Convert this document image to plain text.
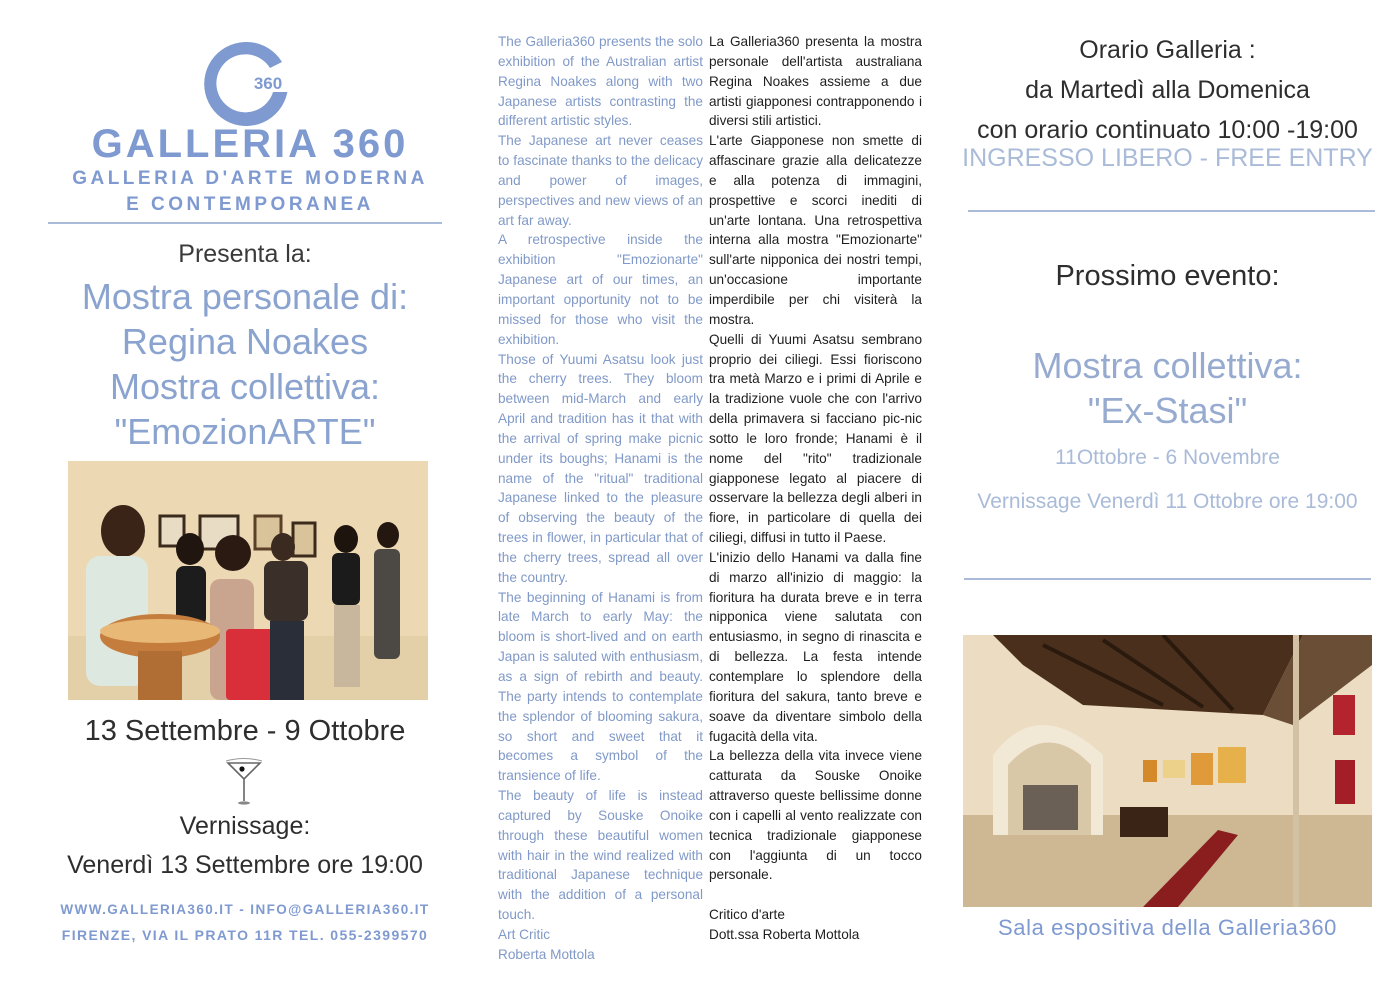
360
GALLERIA 360
GALLERIA D'ARTE MODERNA
E CONTEMPORANEA
Presenta la:
Mostra personale di:
Regina Noakes
Mostra collettiva:
"EmozionARTE"
13 Settembre - 9 Ottobre
Vernissage:
Venerdì 13 Settembre ore 19:00
WWW.GALLERIA360.IT - INFO@GALLERIA360.IT
FIRENZE, VIA IL PRATO 11R TEL. 055-2399570

The Galleria360 presents the solo exhibition of the Australian artist Regina Noakes along with two Japanese artists contrasting the different artistic styles.

The Japanese art never ceases to fascinate thanks to the delicacy and power of images, perspectives and new views of an art far away.

A retrospective inside the exhibition "Emozionarte" Japanese art of our times, an important opportunity not to be missed for those who visit the exhibition.

Those of Yuumi Asatsu look just the cherry trees. They bloom between mid-March and early April and tradition has it that with the arrival of spring make picnic under its boughs; Hanami is the name of the "ritual" traditional Japanese linked to the pleasure of observing the beauty of the trees in flower, in particular that of the cherry trees, spread all over the country.

The beginning of Hanami is from late March to early May: the bloom is short-lived and on earth Japan is saluted with enthusiasm, as a sign of rebirth and beauty. The party intends to contemplate the splendor of blooming sakura, so short and sweet that it becomes a symbol of the transience of life.

The beauty of life is instead captured by Souske Onoike through these beautiful women with hair in the wind realized with traditional Japanese technique with the addition of a personal touch.

Art Critic

Roberta Mottola

La Galleria360 presenta la mostra personale dell'artista australiana Regina Noakes assieme a due artisti giapponesi contrapponendo i diversi stili artistici.

L'arte Giapponese non smette di affascinare grazie alla delicatezze e alla potenza di immagini, prospettive e scorci inediti di un'arte lontana. Una retrospettiva interna alla mostra "Emozionarte" sull'arte nipponica dei nostri tempi, un'occasione importante imperdibile per chi visiterà la mostra.

Quelli di Yuumi Asatsu sembrano proprio dei ciliegi. Essi fioriscono tra metà Marzo e i primi di Aprile e la tradizione vuole che con l'arrivo della primavera si facciano pic-nic sotto le loro fronde; Hanami è il nome del "rito" tradizionale giapponese legato al piacere di osservare la bellezza degli alberi in fiore, in particolare di quella dei ciliegi, diffusi in tutto il Paese.

L'inizio dello Hanami va dalla fine di marzo all'inizio di maggio: la fioritura ha durata breve e in terra nipponica viene salutata con entusiasmo, in segno di rinascita e di bellezza. La festa intende contemplare lo splendore della fioritura del sakura, tanto breve e soave da diventare simbolo della fugacità della vita.

La bellezza della vita invece viene catturata da Souske Onoike attraverso queste bellissime donne con i capelli al vento realizzate con tecnica tradizionale giapponese con l'aggiunta di un tocco personale.

Critico d'arte

Dott.ssa Roberta Mottola

Orario Galleria :
da Martedì alla Domenica
con orario continuato 10:00 -19:00
INGRESSO LIBERO - FREE ENTRY
Prossimo evento:
Mostra collettiva:
"Ex-Stasi"
11Ottobre - 6 Novembre
Vernissage Venerdì 11 Ottobre ore 19:00
Sala espositiva della Galleria360
